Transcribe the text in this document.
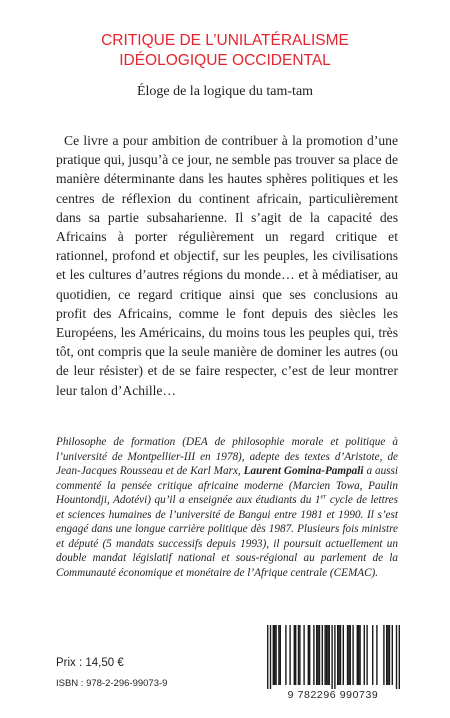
CRITIQUE DE L’UNILATÉRALISME
IDÉOLOGIQUE OCCIDENTAL
Éloge de la logique du tam-tam

Ce livre a pour ambition de contribuer à la promotion d’une pratique qui, jusqu’à ce jour, ne semble pas trouver sa place de manière déterminante dans les hautes sphères politiques et les centres de réflexion du continent africain, particulièrement dans sa partie subsaharienne. Il s’agit de la capacité des Africains à porter régulièrement un regard critique et rationnel, profond et objectif, sur les peuples, les civilisations et les cultures d’autres régions du monde… et à médiatiser, au quotidien, ce regard critique ainsi que ses conclusions au profit des Africains, comme le font depuis des siècles les Européens, les Américains, du moins tous les peuples qui, très tôt, ont compris que la seule manière de dominer les autres (ou de leur résister) et de se faire respecter, c’est de leur montrer leur talon d’Achille…

Philosophe de formation (DEA de philosophie morale et politique à l’université de Montpellier-III en 1978), adepte des textes d’Aristote, de Jean-Jacques Rousseau et de Karl Marx, Laurent Gomina-Pampali a aussi commenté la pensée critique africaine moderne (Marcien Towa, Paulin Hountondji, Adotévi) qu’il a enseignée aux étudiants du 1er cycle de lettres et sciences humaines de l’université de Bangui entre 1981 et 1990. Il s’est engagé dans une longue carrière politique dès 1987. Plusieurs fois ministre et député (5 mandats successifs depuis 1993), il poursuit actuellement un double mandat législatif national et sous-régional au parlement de la Communauté économique et monétaire de l’Afrique centrale (CEMAC).

Prix : 14,50 €
ISBN : 978-2-296-99073-9
9 782296 990739
